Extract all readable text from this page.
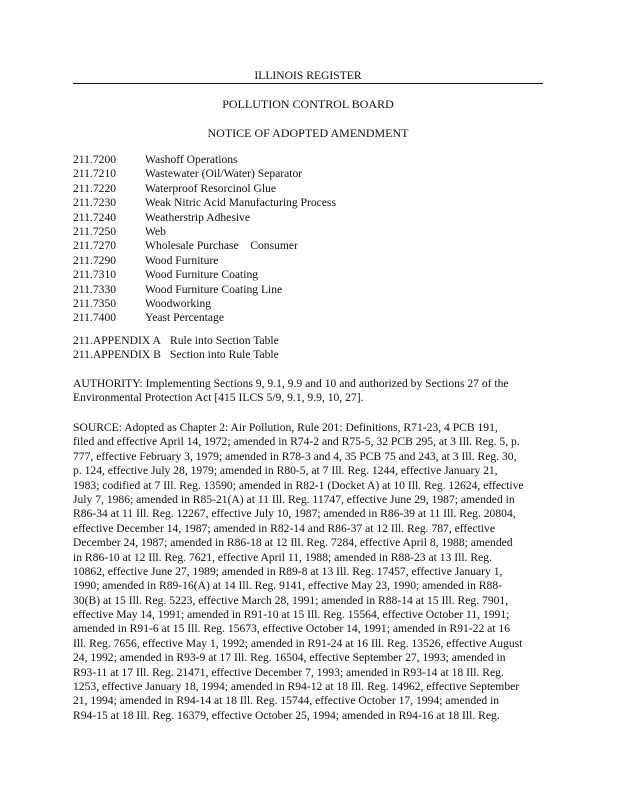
ILLINOIS REGISTER
POLLUTION CONTROL BOARD
NOTICE OF ADOPTED AMENDMENT
211.7200 Washoff Operations
211.7210 Wastewater (Oil/Water) Separator
211.7220 Waterproof Resorcinol Glue
211.7230 Weak Nitric Acid Manufacturing Process
211.7240 Weatherstrip Adhesive
211.7250 Web
211.7270 Wholesale Purchase    Consumer
211.7290 Wood Furniture
211.7310 Wood Furniture Coating
211.7330 Wood Furniture Coating Line
211.7350 Woodworking
211.7400 Yeast Percentage
211.APPENDIX A Rule into Section Table
211.APPENDIX B Section into Rule Table
AUTHORITY: Implementing Sections 9, 9.1, 9.9 and 10 and authorized by Sections 27 of the
Environmental Protection Act [415 ILCS 5/9, 9.1, 9.9, 10, 27].
SOURCE: Adopted as Chapter 2: Air Pollution, Rule 201: Definitions, R71-23, 4 PCB 191,
filed and effective April 14, 1972; amended in R74-2 and R75-5, 32 PCB 295, at 3 Ill. Reg. 5, p.
777, effective February 3, 1979; amended in R78-3 and 4, 35 PCB 75 and 243, at 3 Ill. Reg. 30,
p. 124, effective July 28, 1979; amended in R80-5, at 7 Ill. Reg. 1244, effective January 21,
1983; codified at 7 Ill. Reg. 13590; amended in R82-1 (Docket A) at 10 Ill. Reg. 12624, effective
July 7, 1986; amended in R85-21(A) at 11 Ill. Reg. 11747, effective June 29, 1987; amended in
R86-34 at 11 Ill. Reg. 12267, effective July 10, 1987; amended in R86-39 at 11 Ill. Reg. 20804,
effective December 14, 1987; amended in R82-14 and R86-37 at 12 Ill. Reg. 787, effective
December 24, 1987; amended in R86-18 at 12 Ill. Reg. 7284, effective April 8, 1988; amended
in R86-10 at 12 Ill. Reg. 7621, effective April 11, 1988; amended in R88-23 at 13 Ill. Reg.
10862, effective June 27, 1989; amended in R89-8 at 13 Ill. Reg. 17457, effective January 1,
1990; amended in R89-16(A) at 14 Ill. Reg. 9141, effective May 23, 1990; amended in R88-
30(B) at 15 Ill. Reg. 5223, effective March 28, 1991; amended in R88-14 at 15 Ill. Reg. 7901,
effective May 14, 1991; amended in R91-10 at 15 Ill. Reg. 15564, effective October 11, 1991;
amended in R91-6 at 15 Ill. Reg. 15673, effective October 14, 1991; amended in R91-22 at 16
Ill. Reg. 7656, effective May 1, 1992; amended in R91-24 at 16 Ill. Reg. 13526, effective August
24, 1992; amended in R93-9 at 17 Ill. Reg. 16504, effective September 27, 1993; amended in
R93-11 at 17 Ill. Reg. 21471, effective December 7, 1993; amended in R93-14 at 18 Ill. Reg.
1253, effective January 18, 1994; amended in R94-12 at 18 Ill. Reg. 14962, effective September
21, 1994; amended in R94-14 at 18 Ill. Reg. 15744, effective October 17, 1994; amended in
R94-15 at 18 Ill. Reg. 16379, effective October 25, 1994; amended in R94-16 at 18 Ill. Reg.
